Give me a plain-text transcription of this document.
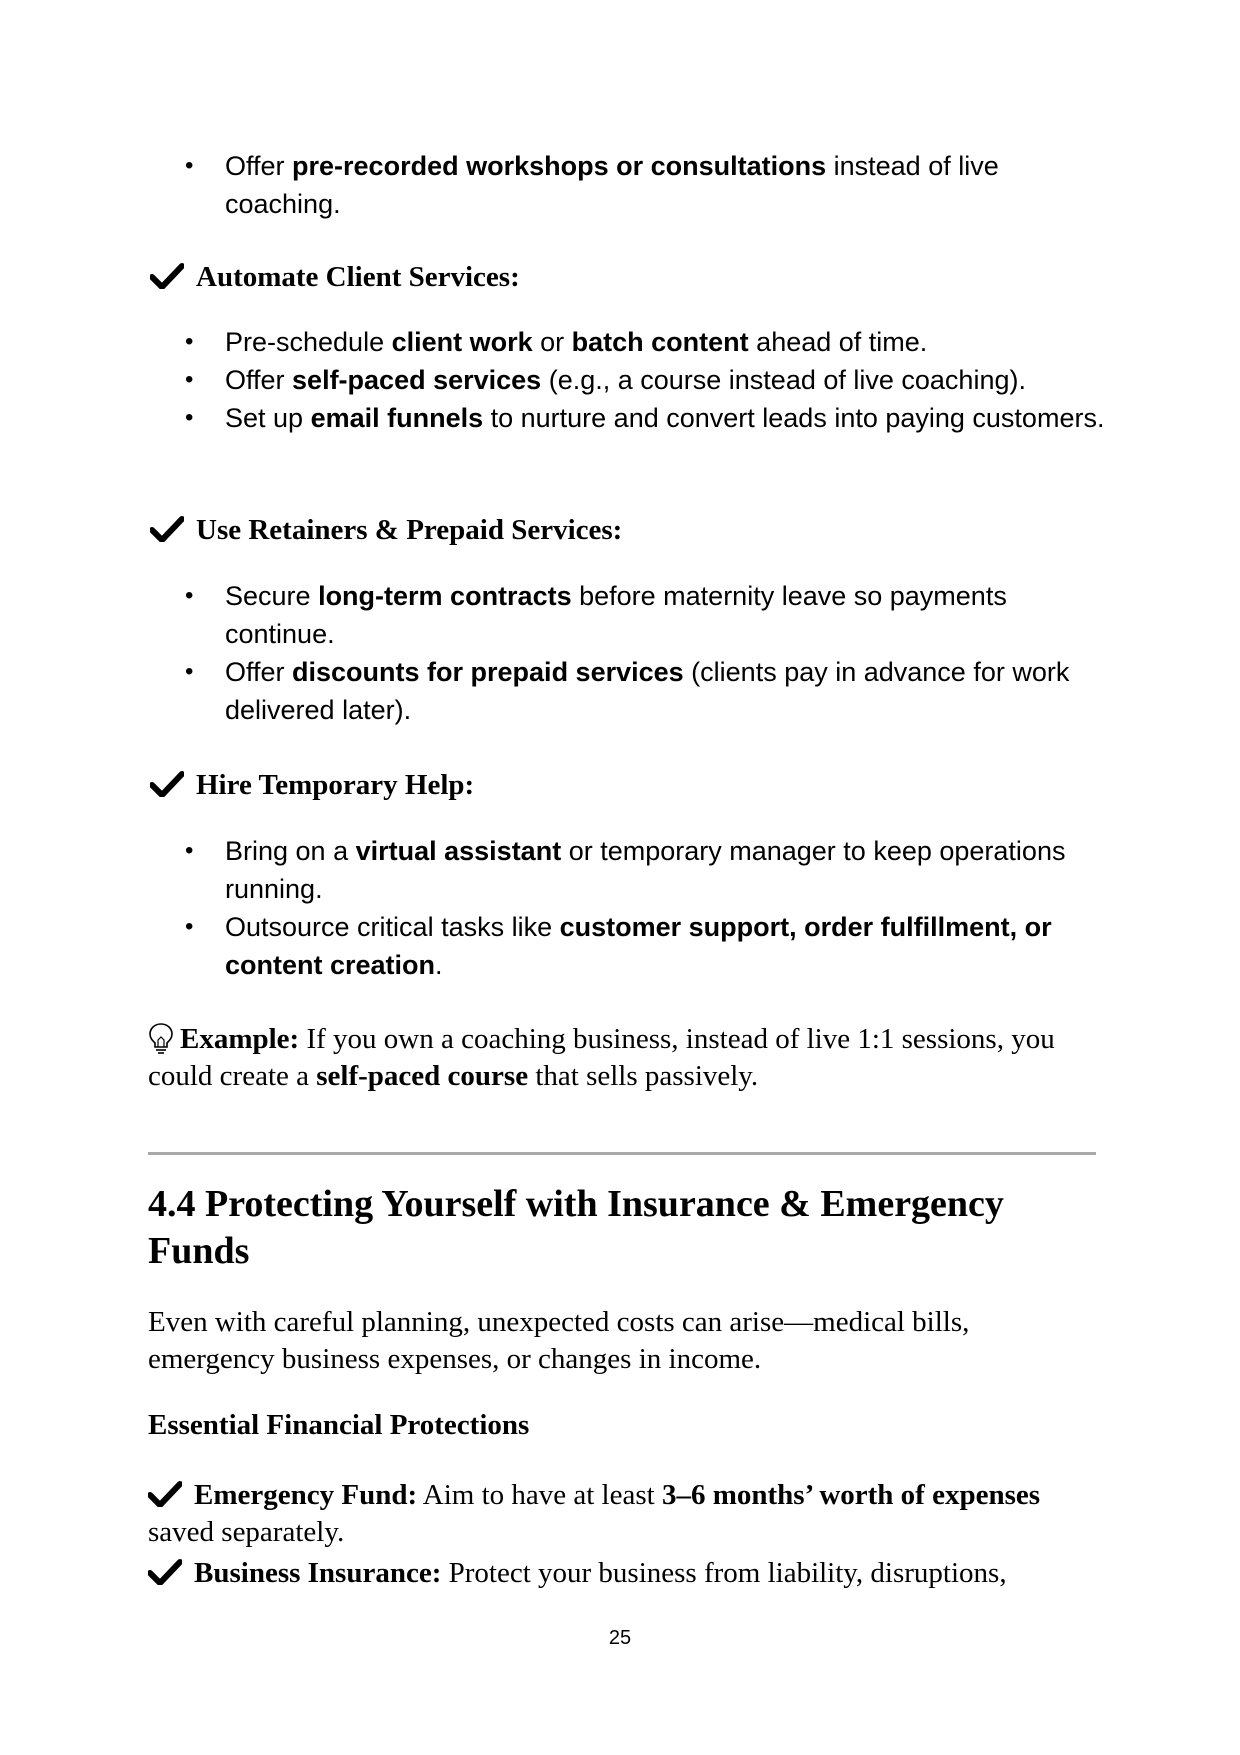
• Offer pre-recorded workshops or consultations instead of live coaching.
Automate Client Services:
• Pre-schedule client work or batch content ahead of time.
• Offer self-paced services (e.g., a course instead of live coaching).
• Set up email funnels to nurture and convert leads into paying customers.
Use Retainers & Prepaid Services:
• Secure long-term contracts before maternity leave so payments continue.
• Offer discounts for prepaid services (clients pay in advance for work delivered later).
Hire Temporary Help:
• Bring on a virtual assistant or temporary manager to keep operations running.
• Outsource critical tasks like customer support, order fulfillment, or content creation.
Example: If you own a coaching business, instead of live 1:1 sessions, you could create a self-paced course that sells passively.
4.4 Protecting Yourself with Insurance & Emergency Funds
Even with careful planning, unexpected costs can arise—medical bills, emergency business expenses, or changes in income.
Essential Financial Protections
Emergency Fund: Aim to have at least 3–6 months’ worth of expenses saved separately.
Business Insurance: Protect your business from liability, disruptions,
25
